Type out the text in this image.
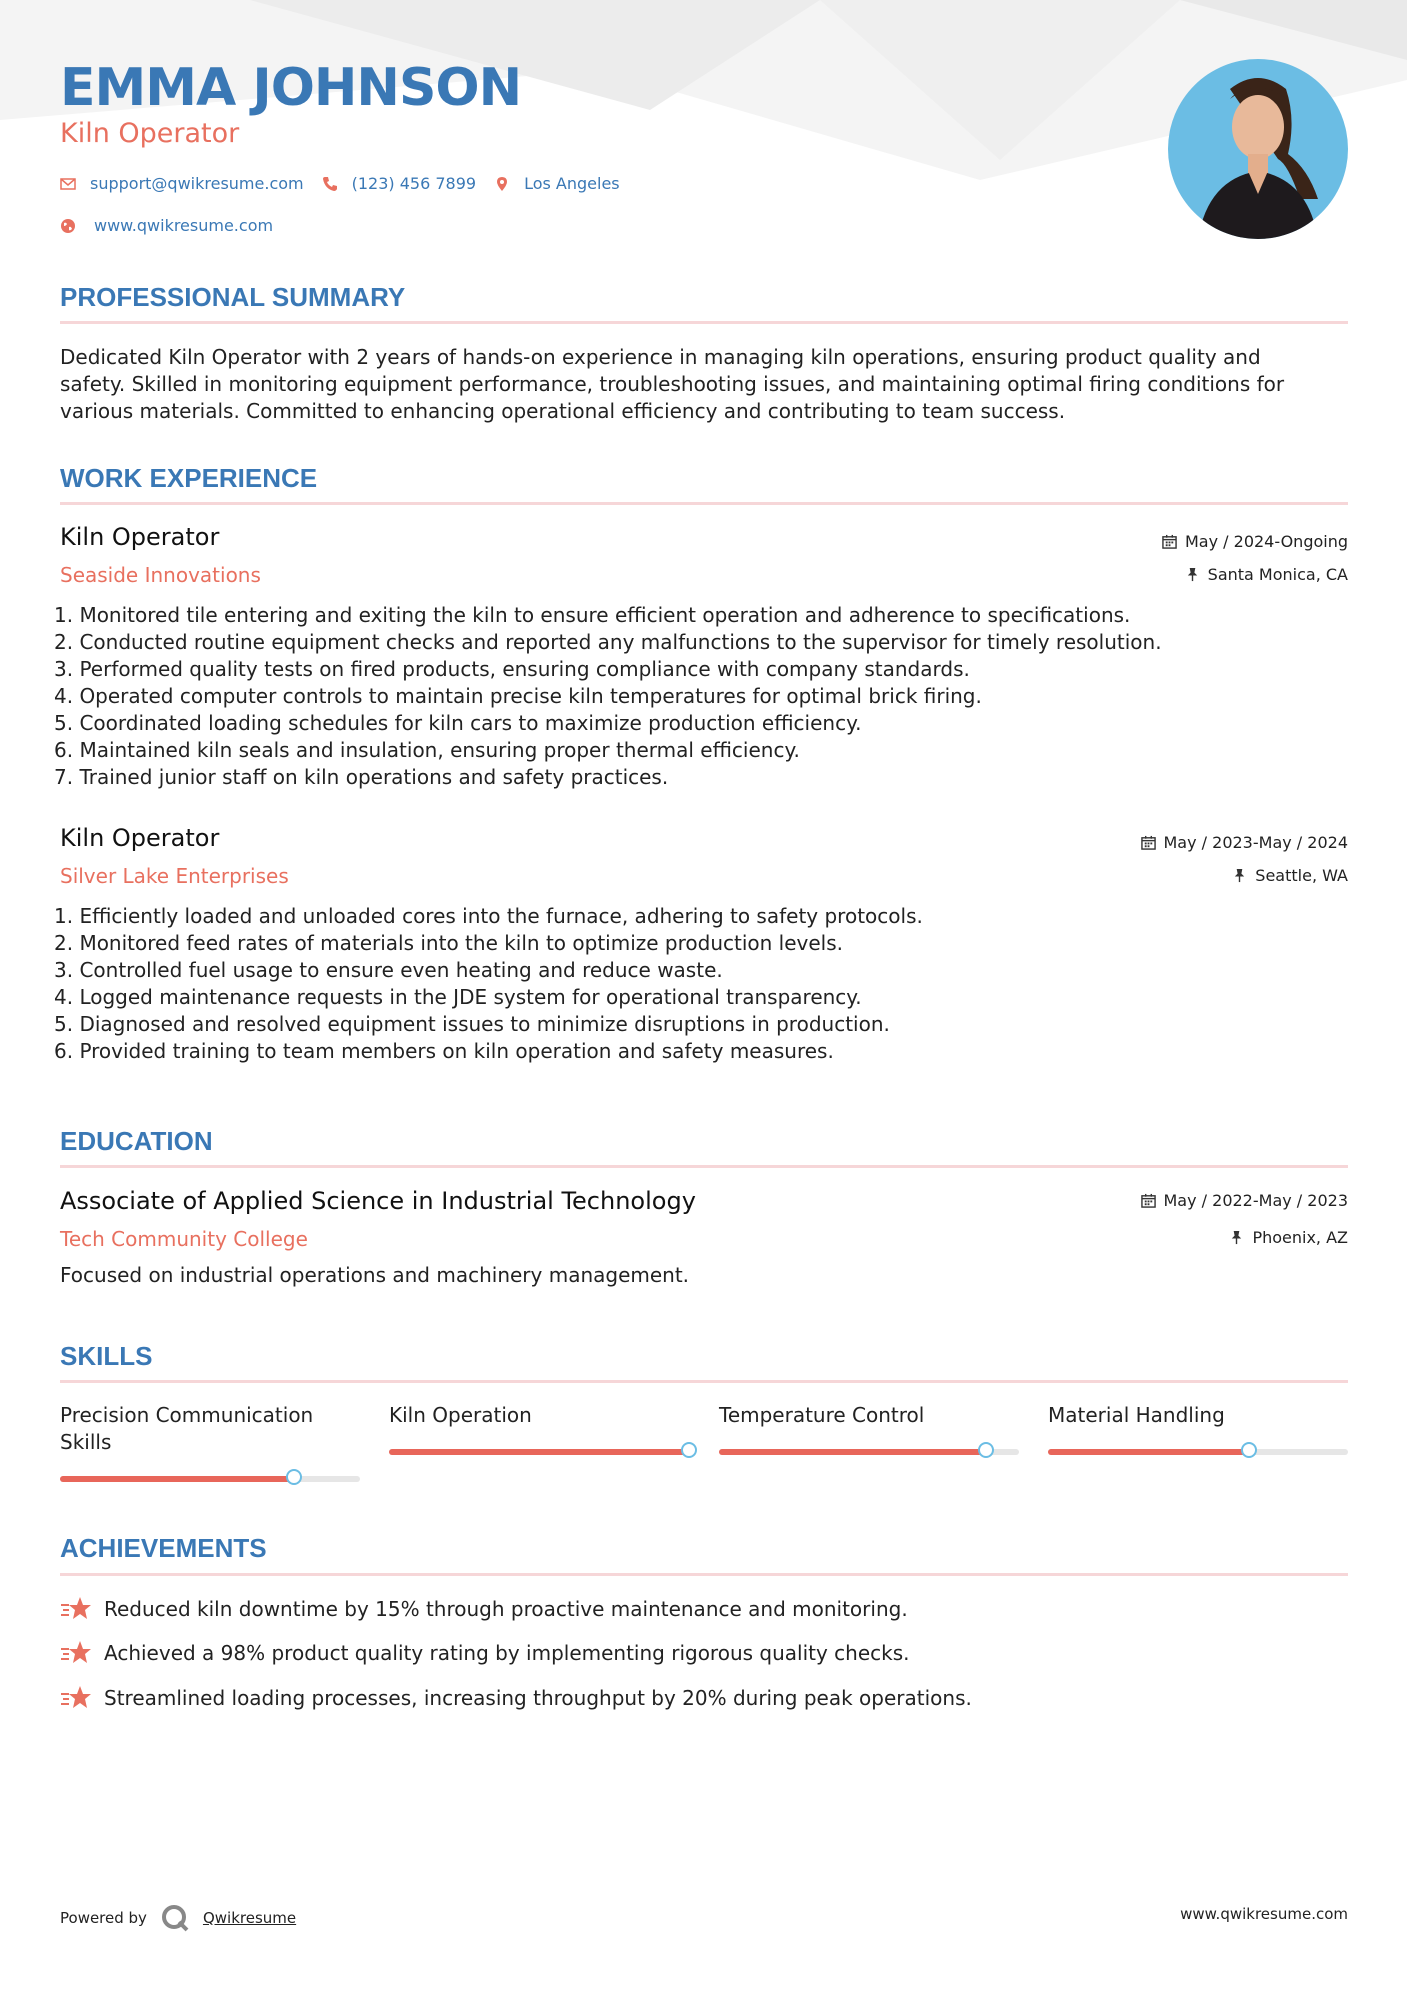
EMMA JOHNSON
Kiln Operator
support@qwikresume.com	(123) 456 7899	Los Angeles
www.qwikresume.com
PROFESSIONAL SUMMARY
Dedicated Kiln Operator with 2 years of hands-on experience in managing kiln operations, ensuring product quality and
safety. Skilled in monitoring equipment performance, troubleshooting issues, and maintaining optimal firing conditions for
various materials. Committed to enhancing operational efficiency and contributing to team success.
WORK EXPERIENCE
Kiln Operator
Seaside Innovations
May / 2024-Ongoing
Santa Monica, CA
1. Monitored tile entering and exiting the kiln to ensure efficient operation and adherence to specifications.
2. Conducted routine equipment checks and reported any malfunctions to the supervisor for timely resolution.
3. Performed quality tests on fired products, ensuring compliance with company standards.
4. Operated computer controls to maintain precise kiln temperatures for optimal brick firing.
5. Coordinated loading schedules for kiln cars to maximize production efficiency.
6. Maintained kiln seals and insulation, ensuring proper thermal efficiency.
7. Trained junior staff on kiln operations and safety practices.
Kiln Operator
Silver Lake Enterprises
May / 2023-May / 2024
Seattle, WA
1. Efficiently loaded and unloaded cores into the furnace, adhering to safety protocols.
2. Monitored feed rates of materials into the kiln to optimize production levels.
3. Controlled fuel usage to ensure even heating and reduce waste.
4. Logged maintenance requests in the JDE system for operational transparency.
5. Diagnosed and resolved equipment issues to minimize disruptions in production.
6. Provided training to team members on kiln operation and safety measures.
EDUCATION
Associate of Applied Science in Industrial Technology
Tech Community College
May / 2022-May / 2023
Phoenix, AZ
Focused on industrial operations and machinery management.
SKILLS
Precision Communication Skills
Kiln Operation	Temperature Control	Material Handling
ACHIEVEMENTS
Reduced kiln downtime by 15% through proactive maintenance and monitoring.
Achieved a 98% product quality rating by implementing rigorous quality checks.
Streamlined loading processes, increasing throughput by 20% during peak operations.
Powered by	Qwikresume	www.qwikresume.com
